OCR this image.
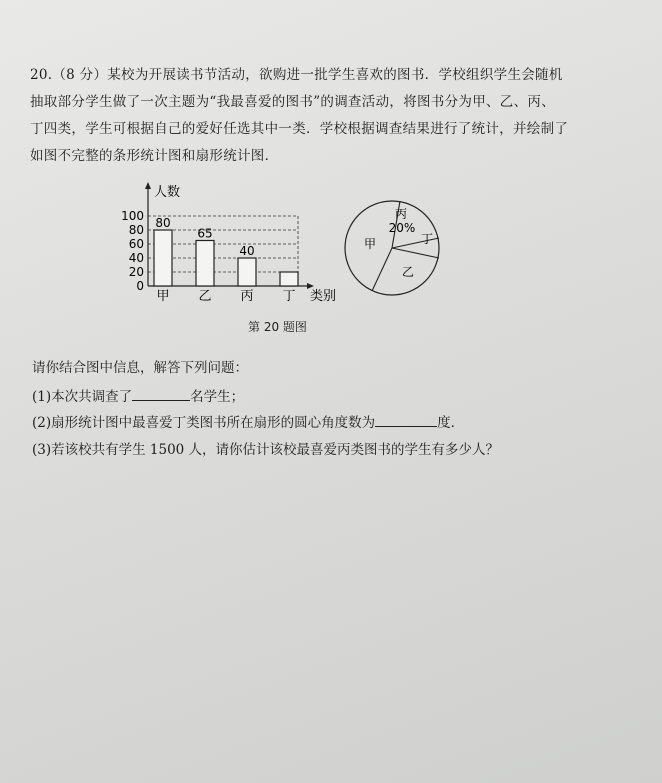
20.（8 分）某校为开展读书节活动，欲购进一批学生喜欢的图书．学校组织学生会随机

抽取部分学生做了一次主题为“我最喜爱的图书”的调查活动，将图书分为甲、乙、丙、

丁四类，学生可根据自己的爱好任选其中一类．学校根据调查结果进行了统计，并绘制了

如图不完整的条形统计图和扇形统计图．

人数
类别
0
20
40
60
80
100
甲 乙 丙 丁
80
65
40	甲
乙
丙
20%
丁
第 20 题图
请你结合图中信息，解答下列问题：
(1)本次共调查了	名学生；
(2)扇形统计图中最喜爱丁类图书所在扇形的圆心角度数为	度．
(3)若该校共有学生 1500 人，请你估计该校最喜爱丙类图书的学生有多少人？
